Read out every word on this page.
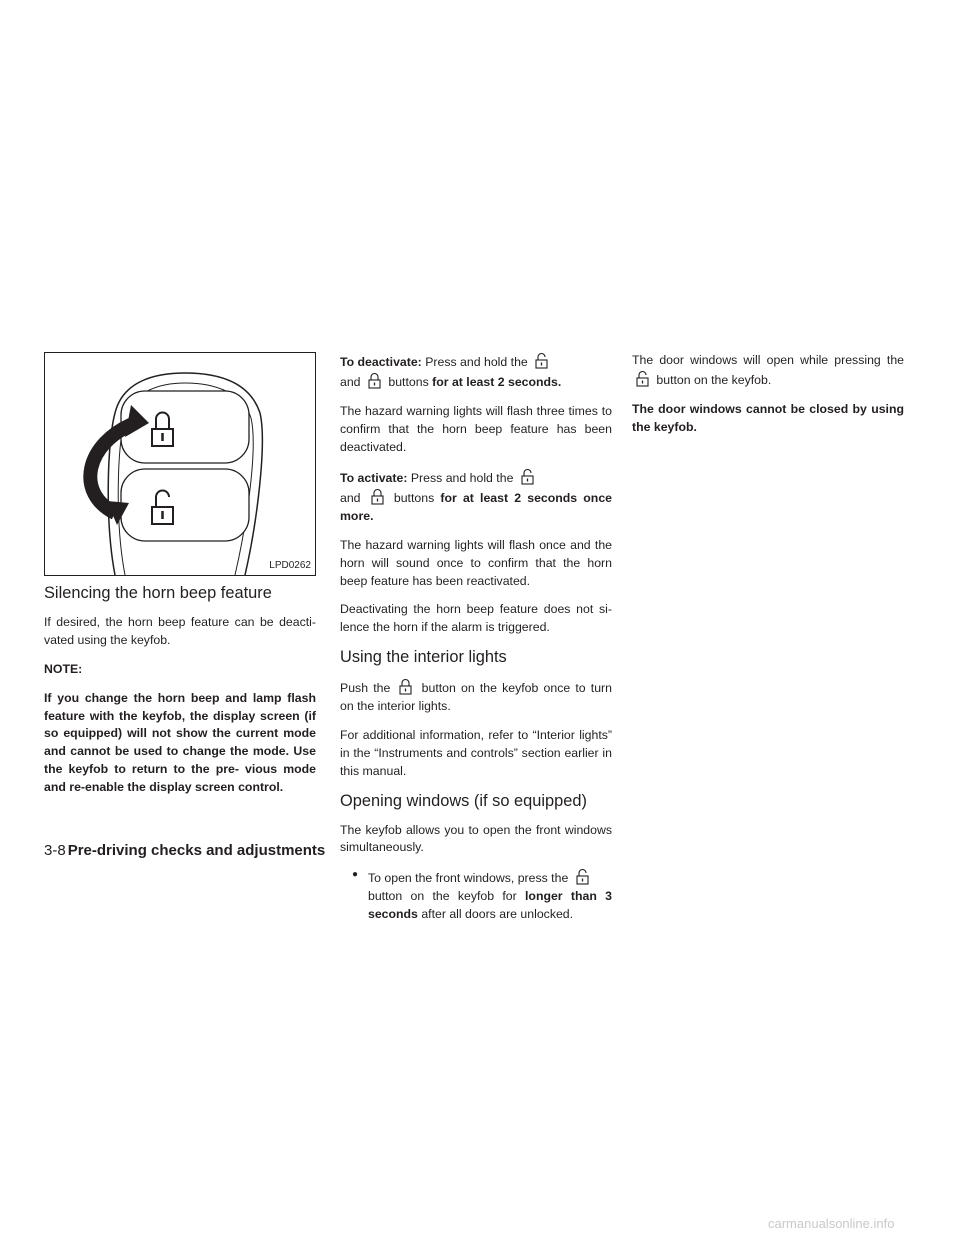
LPD0262
Silencing the horn beep feature

If desired, the horn beep feature can be deacti- vated using the keyfob.

NOTE:

If you change the horn beep and lamp flash feature with the keyfob, the display screen (if so equipped) will not show the current mode and cannot be used to change the mode. Use the keyfob to return to the pre- vious mode and re-enable the display screen control.

To deactivate: Press and hold the
and buttons for at least 2 seconds.

The hazard warning lights will flash three times to confirm that the horn beep feature has been deactivated.

To activate: Press and hold the
and	buttons for at least 2 seconds once more.

The hazard warning lights will flash once and the horn will sound once to confirm that the horn beep feature has been reactivated.

Deactivating the horn beep feature does not si- lence the horn if the alarm is triggered.

Using the interior lights

Push the	button on the keyfob once to turn on the interior lights.

For additional information, refer to “Interior lights” in the “Instruments and controls” section earlier in this manual.

Opening windows (if so equipped)

The keyfob allows you to open the front windows simultaneously.

● To open the front windows, press the
button on the keyfob for longer than 3 seconds after all doors are unlocked.

The door windows will open while pressing the  button on the keyfob.

The door windows cannot be closed by using the keyfob.

3-8 Pre-driving checks and adjustments
carmanualsonline.info
